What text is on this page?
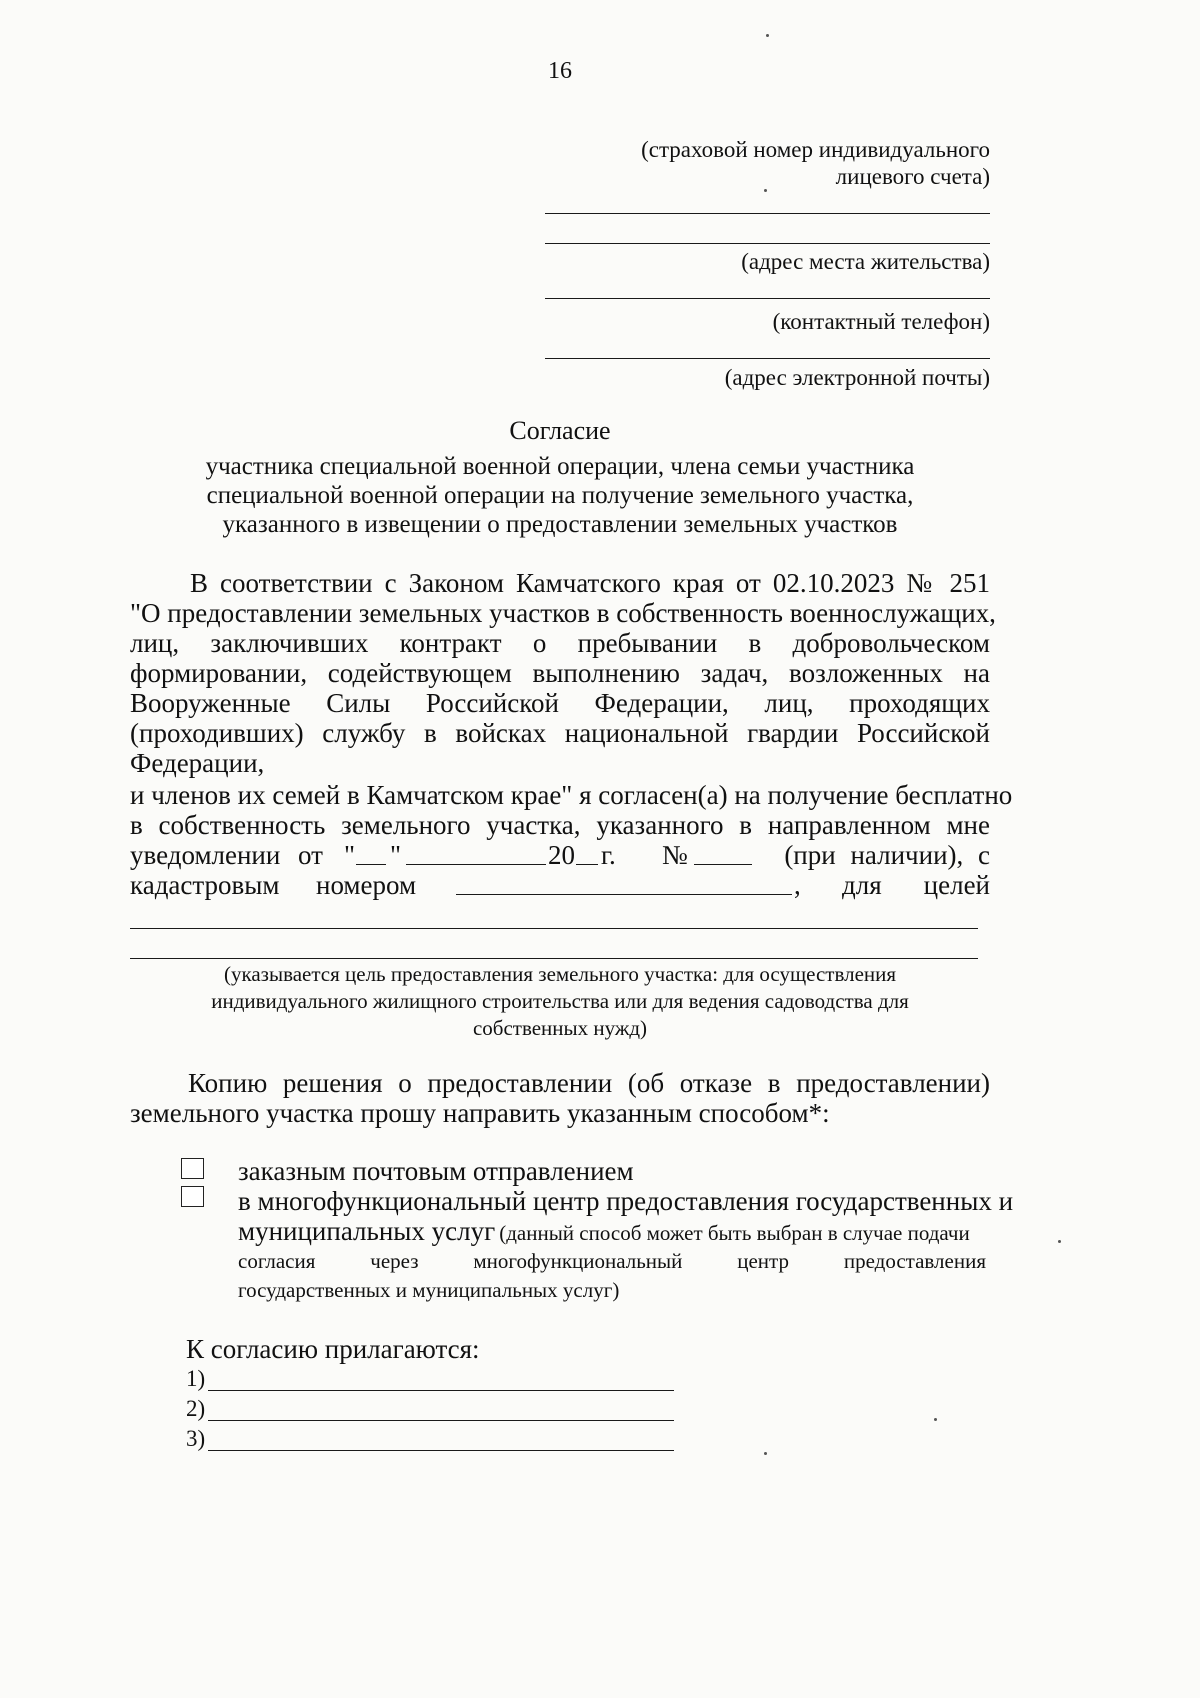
16
(страховой номер индивидуального
лицевого счета)
(адрес места жительства)
(контактный телефон)
(адрес электронной почты)
Согласие
участника специальной военной операции, члена семьи участника
специальной военной операции на получение земельного участка,
указанного в извещении о предоставлении земельных участков
В соответствии с Законом Камчатского края от 02.10.2023 № 251
"О предоставлении земельных участков в собственность военнослужащих,
лиц, заключивших контракт о пребывании в добровольческом
формировании, содействующем выполнению задач, возложенных на
Вооруженные Силы Российской Федерации, лиц, проходящих
(проходивших) службу в войсках национальной гвардии Российской
Федерации,
и членов их семей в Камчатском крае" я согласен(а) на получение бесплатно
в собственность земельного участка, указанного в направленном мне
уведомлении от " "	20 г. №	(при наличии), с
кадастровым номером	, для	целей
(указывается цель предоставления земельного участка: для осуществления
индивидуального жилищного строительства или для ведения садоводства для
собственных нужд)
Копию решения о предоставлении (об отказе в предоставлении)
земельного участка прошу направить указанным способом*:
заказным почтовым отправлением
в многофункциональный центр предоставления государственных и
муниципальных услуг (данный способ может быть выбран в случае подачи
согласия через многофункциональный центр предоставления
государственных и муниципальных услуг)
К согласию прилагаются:
1)
2)
3)
